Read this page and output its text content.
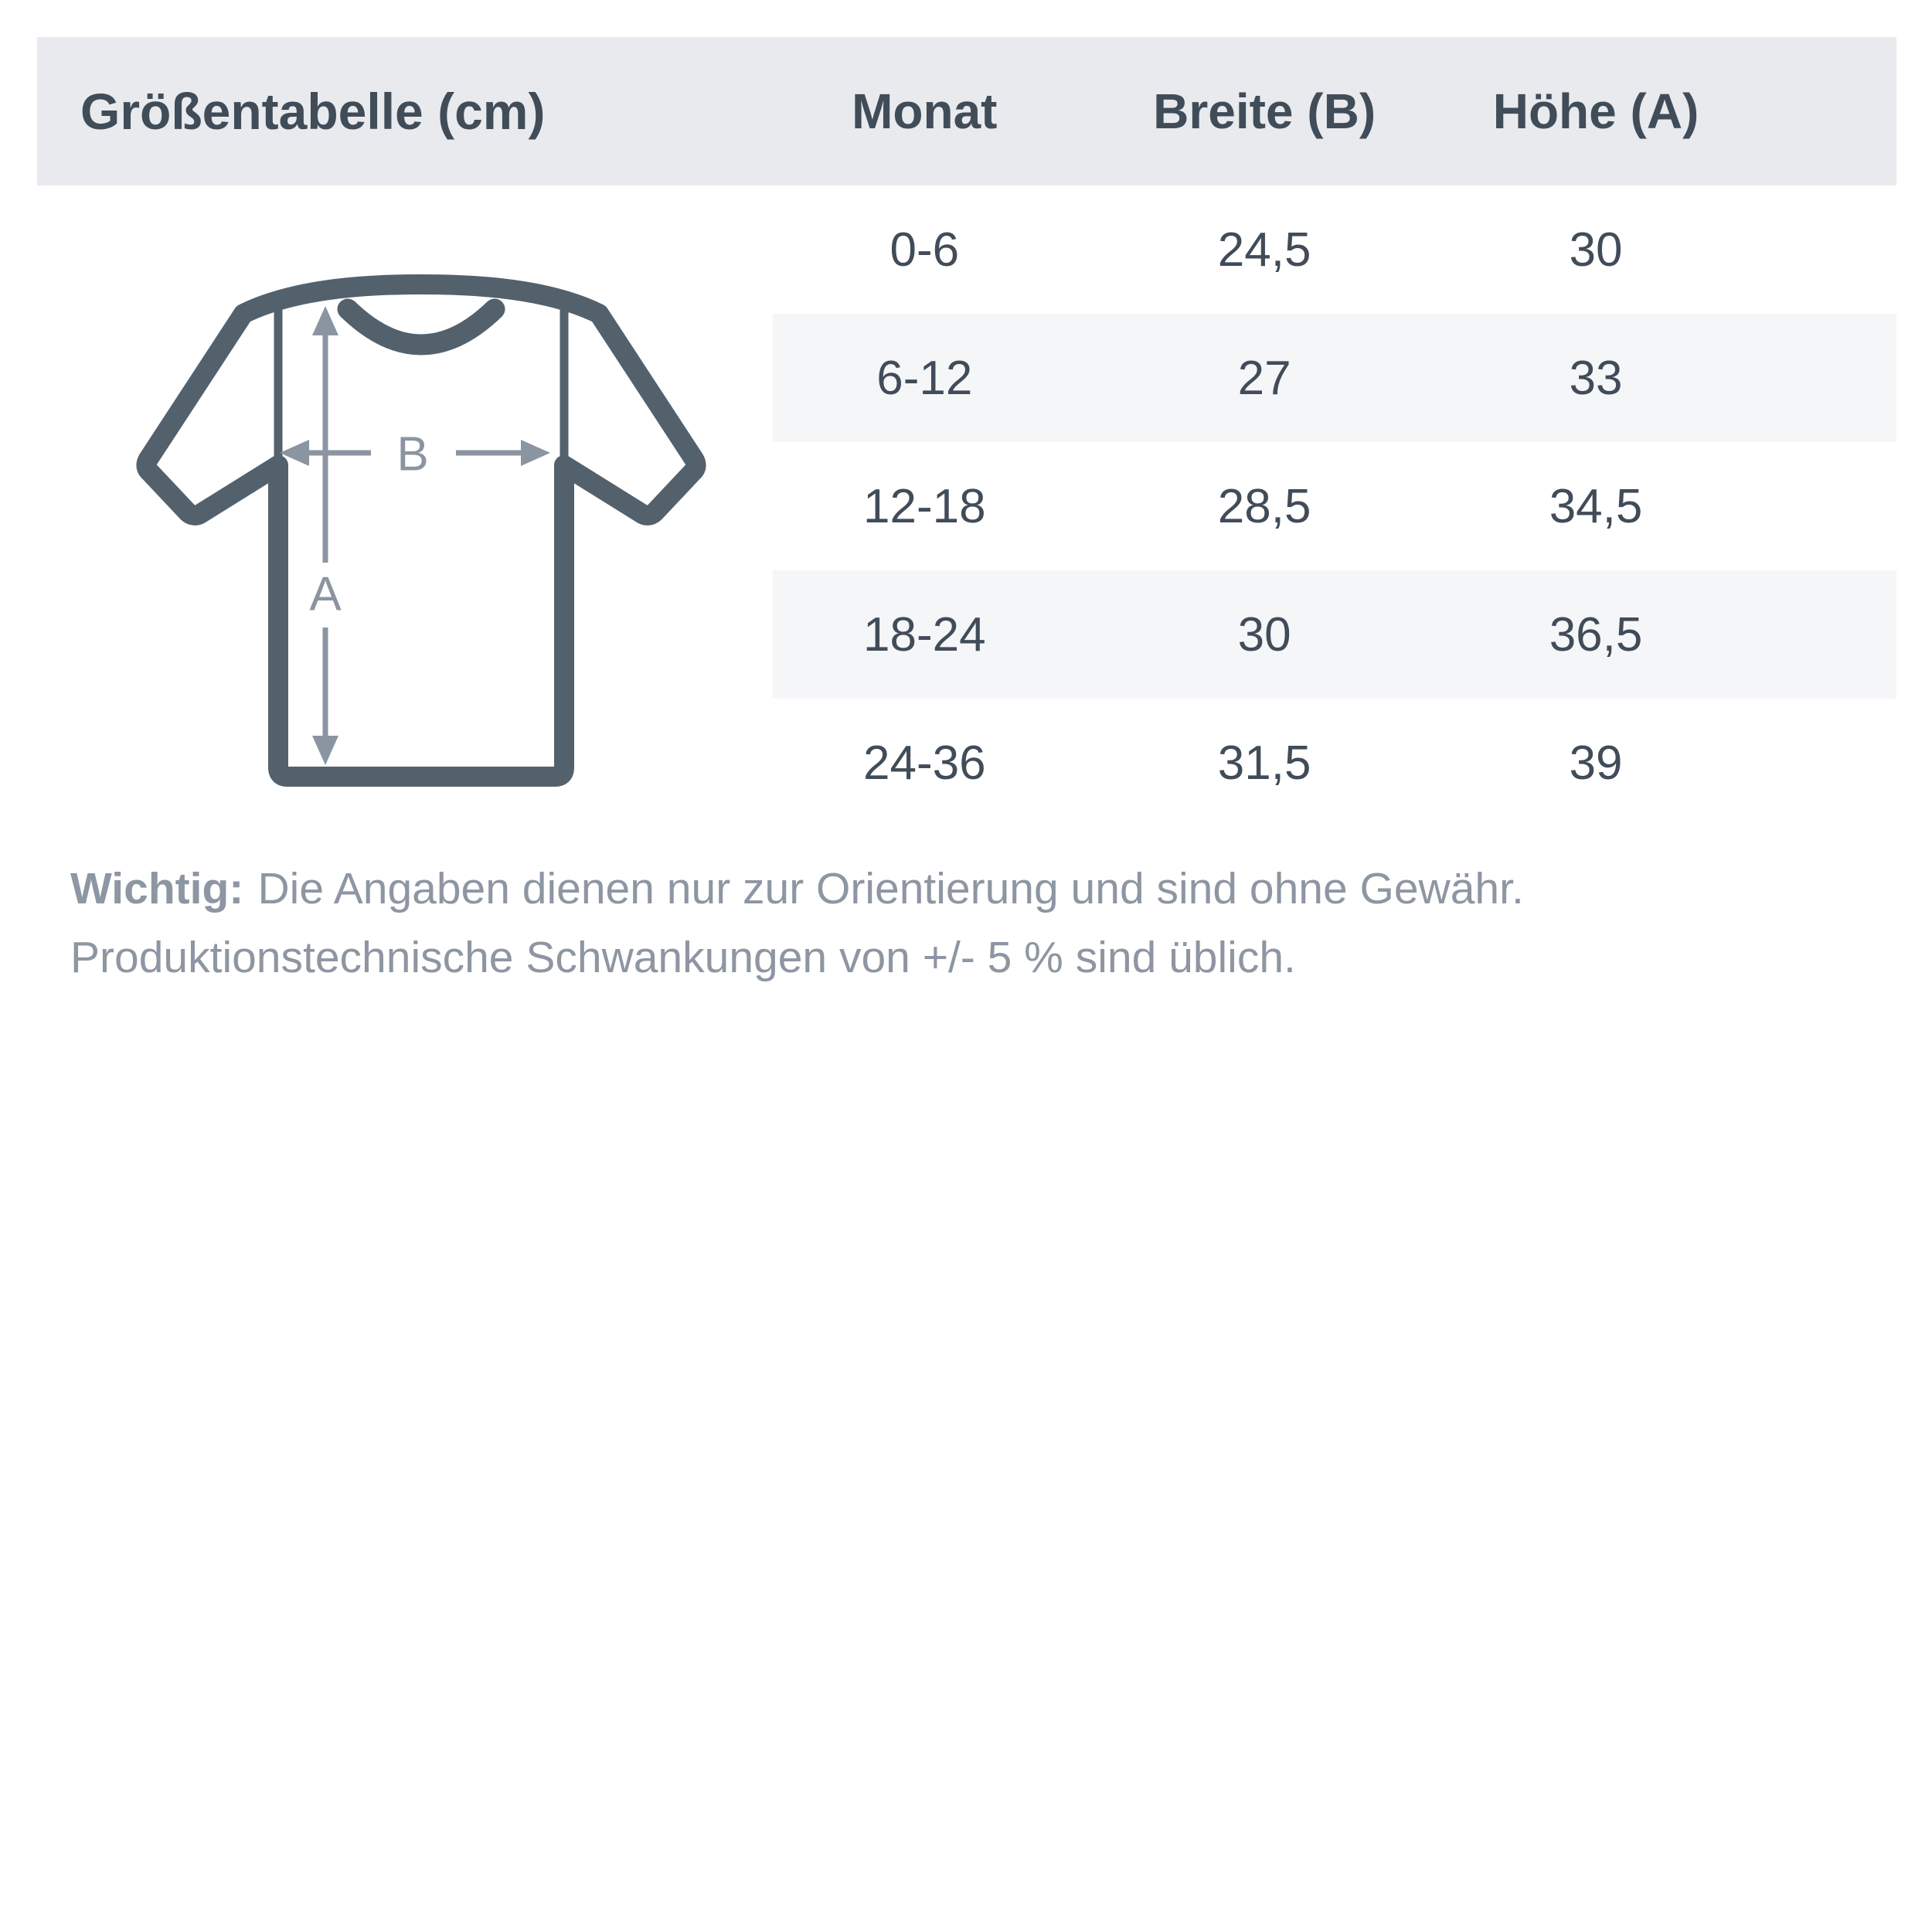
Größentabelle (cm)	Monat	Breite (B)	Höhe (A)
0-6	24,5	30
6-12	27	33
12-18	28,5	34,5
18-24	30	36,5
24-36	31,5	39
A
B
Wichtig: Die Angaben dienen nur zur Orientierung und sind ohne Gewähr.
Produktionstechnische Schwankungen von +/- 5 % sind üblich.
